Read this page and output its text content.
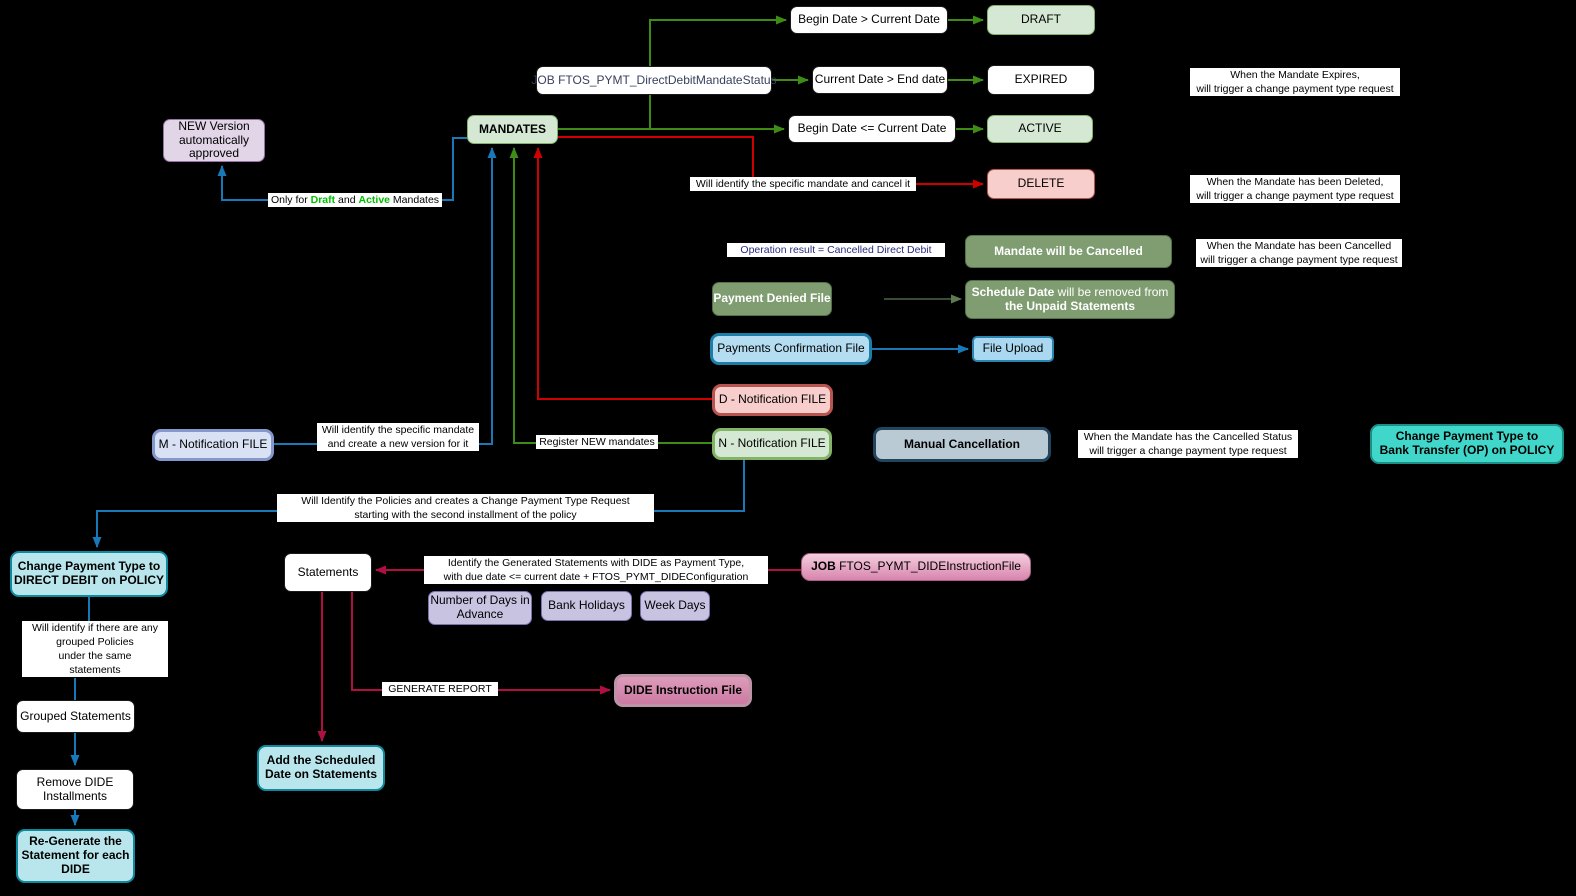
Begin Date > Current Date	DRAFT
JOB FTOS_PYMT_DirectDebitMandateStatus	Current Date > End date	EXPIRED
MANDATES	Begin Date <= Current Date	ACTIVE
DELETE
NEW Version
automatically
approved
Mandate will be Cancelled
Payment Denied File	Schedule Date will be removed from
the Unpaid Statements
Payments Confirmation File	File Upload
D - Notification FILE
M - Notification FILE	N - Notification FILE	Manual Cancellation
Change Payment Type to
Bank Transfer (OP) on POLICY
Change Payment Type to
DIRECT DEBIT on POLICY
Statements	JOB FTOS_PYMT_DIDEInstructionFile
Number of Days in
Advance
Bank Holidays Week Days
Grouped Statements
Remove DIDE
Installments
Re-Generate the
Statement for each
DIDE
Add the Scheduled
Date on Statements
DIDE Instruction File
Will identify the specific mandate and cancel it
Only for Draft and Active Mandates
Operation result = Cancelled Direct Debit
Will identify the specific mandate
and create a new version for it	Register NEW mandates
Will Identify the Policies and creates a Change Payment Type Request
starting with the second installment of the policy
Identify the Generated Statements with DIDE as Payment Type,
with due date <= current date + FTOS_PYMT_DIDEConfiguration
Will identify if there are any
grouped Policies
under the same
statements
GENERATE REPORT
When the Mandate Expires,
will trigger a change payment type request
When the Mandate has been Deleted,
will trigger a change payment type request
When the Mandate has been Cancelled
will trigger a change payment type request
When the Mandate has the Cancelled Status
will trigger a change payment type request
